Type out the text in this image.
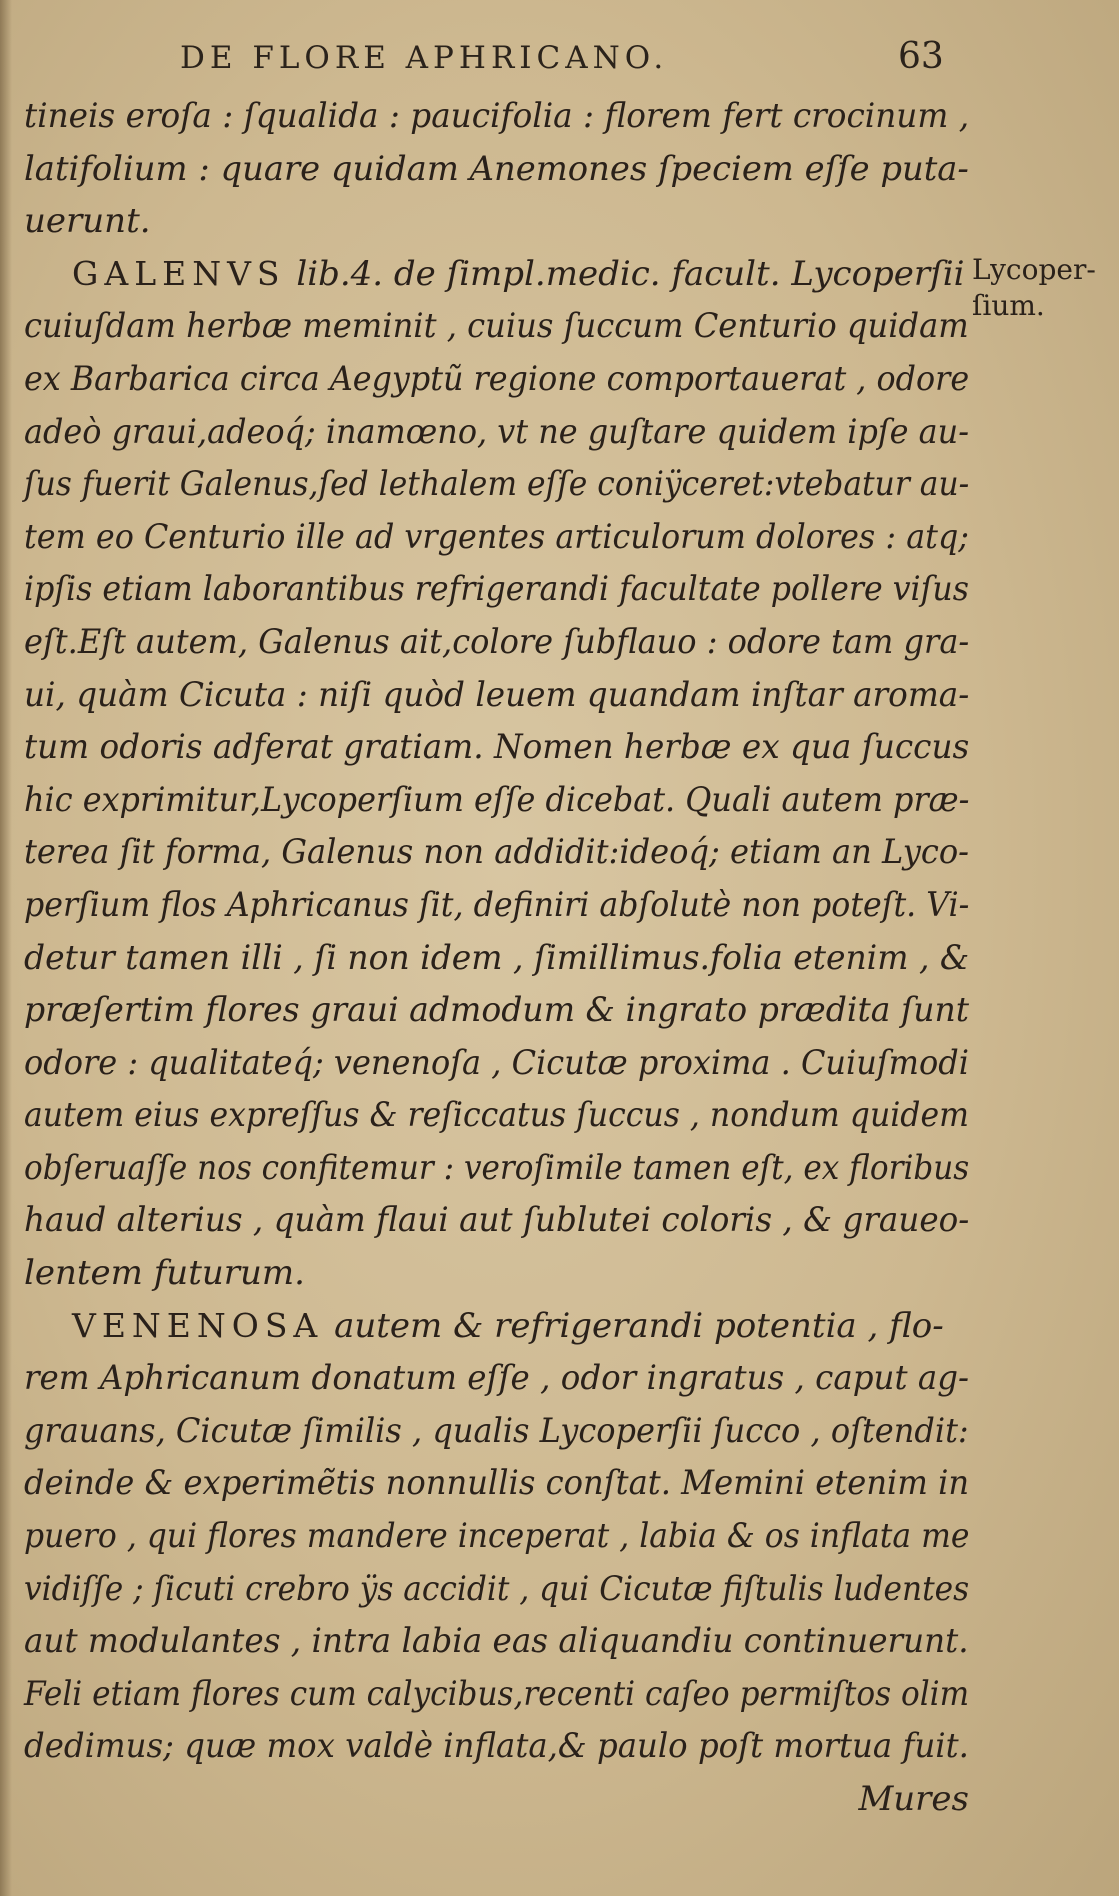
DE FLORE APHRICANO.	63
Lycoper-
ſium.
tineis eroſa : ſqualida : paucifolia : florem fert crocinum ,
latifolium : quare quidam Anemones ſpeciem eſſe puta-
uerunt.
GALENVS lib.4. de ſimpl.medic. facult. Lycoperſii
cuiuſdam herbæ meminit , cuius ſuccum Centurio quidam
ex Barbarica circa Aegyptũ regione comportauerat , odore
adeò graui,adeoq́; inamœno, vt ne guſtare quidem ipſe au-
ſus fuerit Galenus,ſed lethalem eſſe coniÿceret:vtebatur au-
tem eo Centurio ille ad vrgentes articulorum dolores : atq;
ipſis etiam laborantibus refrigerandi facultate pollere viſus
eſt.Eſt autem, Galenus ait,colore ſubflauo : odore tam gra-
ui, quàm Cicuta : niſi quòd leuem quandam inſtar aroma-
tum odoris adferat gratiam. Nomen herbæ ex qua ſuccus
hic exprimitur,Lycoperſium eſſe dicebat. Quali autem præ-
terea ſit forma, Galenus non addidit:ideoq́; etiam an Lyco-
perſium flos Aphricanus ſit, definiri abſolutè non poteſt. Vi-
detur tamen illi , ſi non idem , ſimillimus.folia etenim , &
præſertim flores graui admodum & ingrato prædita ſunt
odore : qualitateq́; venenoſa , Cicutæ proxima . Cuiuſmodi
autem eius expreſſus & reſiccatus ſuccus , nondum quidem
obſeruaſſe nos confitemur : veroſimile tamen eſt, ex floribus
haud alterius , quàm flaui aut ſublutei coloris , & graueo-
lentem futurum.
VENENOSA autem & refrigerandi potentia , flo-
rem Aphricanum donatum eſſe , odor ingratus , caput ag-
grauans, Cicutæ ſimilis , qualis Lycoperſii ſucco , oſtendit:
deinde & experimẽtis nonnullis conſtat. Memini etenim in
puero , qui flores mandere inceperat , labia & os inflata me
vidiſſe ; ſicuti crebro ÿs accidit , qui Cicutæ fiſtulis ludentes
aut modulantes , intra labia eas aliquandiu continuerunt.
Feli etiam flores cum calycibus,recenti caſeo permiſtos olim
dedimus; quæ mox valdè inflata,& paulo poſt mortua fuit.
Mures
